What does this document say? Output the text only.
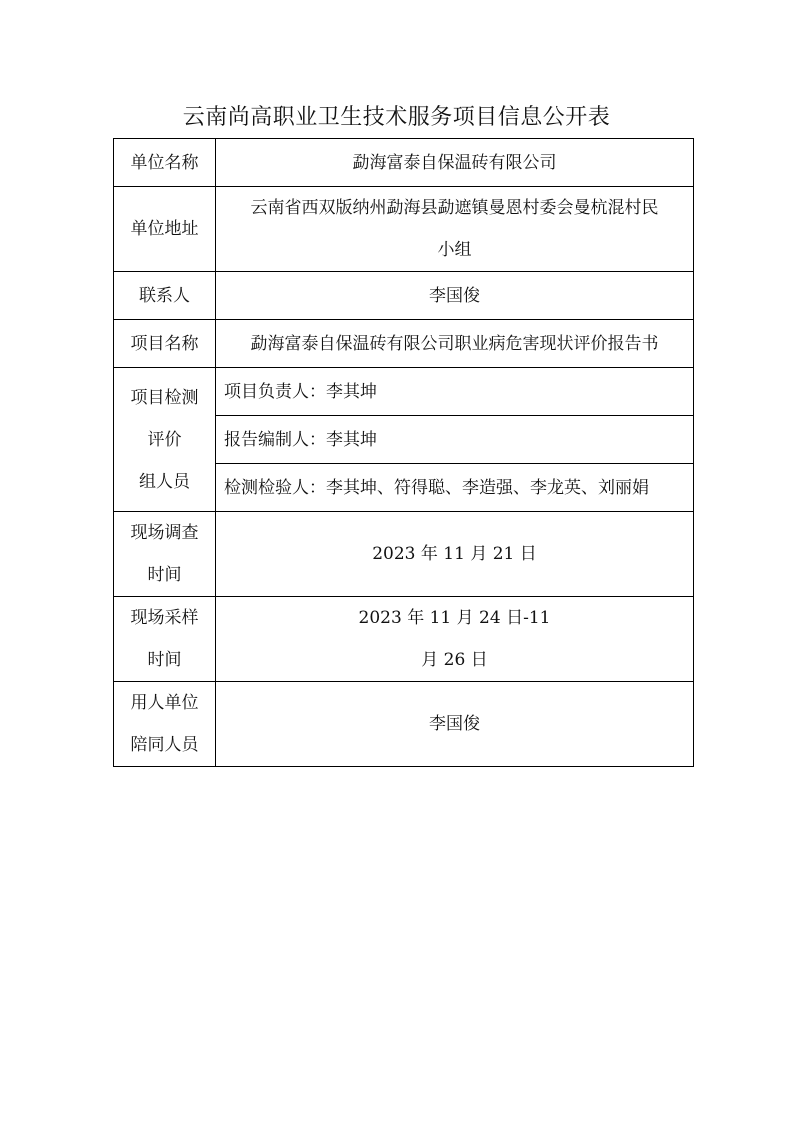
云南尚高职业卫生技术服务项目信息公开表
单位名称	勐海富泰自保温砖有限公司
单位地址	云南省西双版纳州勐海县勐遮镇曼恩村委会曼杭混村民
小组

联系人	李国俊
项目名称	勐海富泰自保温砖有限公司职业病危害现状评价报告书

项目检测
评价
组人员	项目负责人：李其坤
	报告编制人：李其坤
	检测检验人：李其坤、符得聪、李造强、李龙英、刘丽娟

现场调查
时间	2023 年 11 月 21 日

现场采样
时间	2023 年 11 月 24 日-11
月 26 日

用人单位
陪同人员	李国俊
